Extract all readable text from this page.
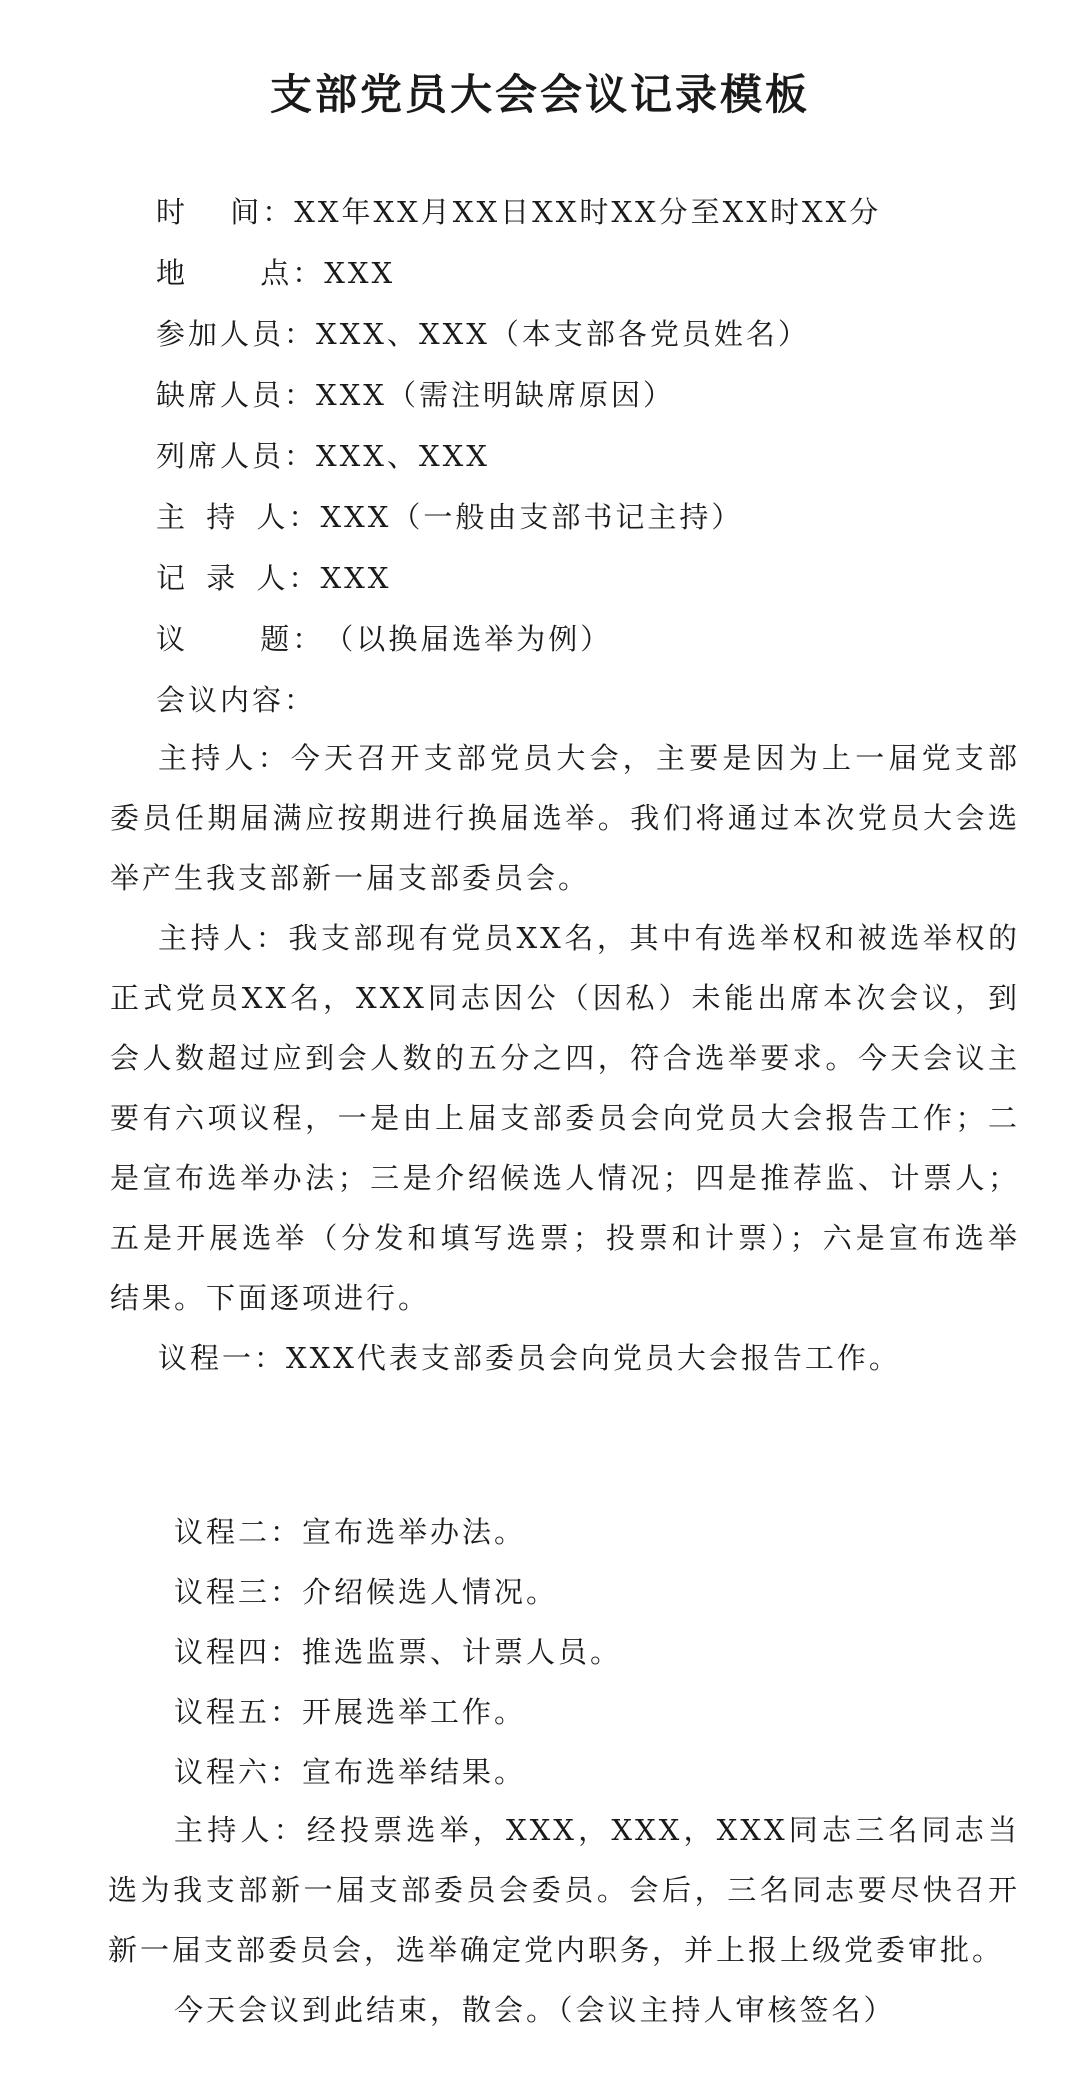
支部党员大会会议记录模板
时 间：XX年XX月XX日XX时XX分至XX时XX分
地 点：XXX
参加人员：XXX、XXX（本支部各党员姓名）
缺席人员：XXX（需注明缺席原因）
列席人员：XXX、XXX
主 持 人：XXX（一般由支部书记主持）
记 录 人：XXX
议 题：（以换届选举为例）
会议内容：

主持人：今天召开支部党员大会，主要是因为上一届党支部委员任期届满应按期进行换届选举。我们将通过本次党员大会选举产生我支部新一届支部委员会。

主持人：我支部现有党员XX名，其中有选举权和被选举权的正式党员XX名，XXX同志因公（因私）未能出席本次会议，到会人数超过应到会人数的五分之四，符合选举要求。今天会议主要有六项议程，一是由上届支部委员会向党员大会报告工作；二是宣布选举办法；三是介绍候选人情况；四是推荐监、计票人；五是开展选举（分发和填写选票；投票和计票）；六是宣布选举结果。下面逐项进行。

议程一：XXX代表支部委员会向党员大会报告工作。

议程二：宣布选举办法。
议程三：介绍候选人情况。
议程四：推选监票、计票人员。
议程五：开展选举工作。
议程六：宣布选举结果。

主持人：经投票选举，XXX，XXX，XXX同志三名同志当选为我支部新一届支部委员会委员。会后，三名同志要尽快召开新一届支部委员会，选举确定党内职务，并上报上级党委审批。

今天会议到此结束，散会。（会议主持人审核签名）
